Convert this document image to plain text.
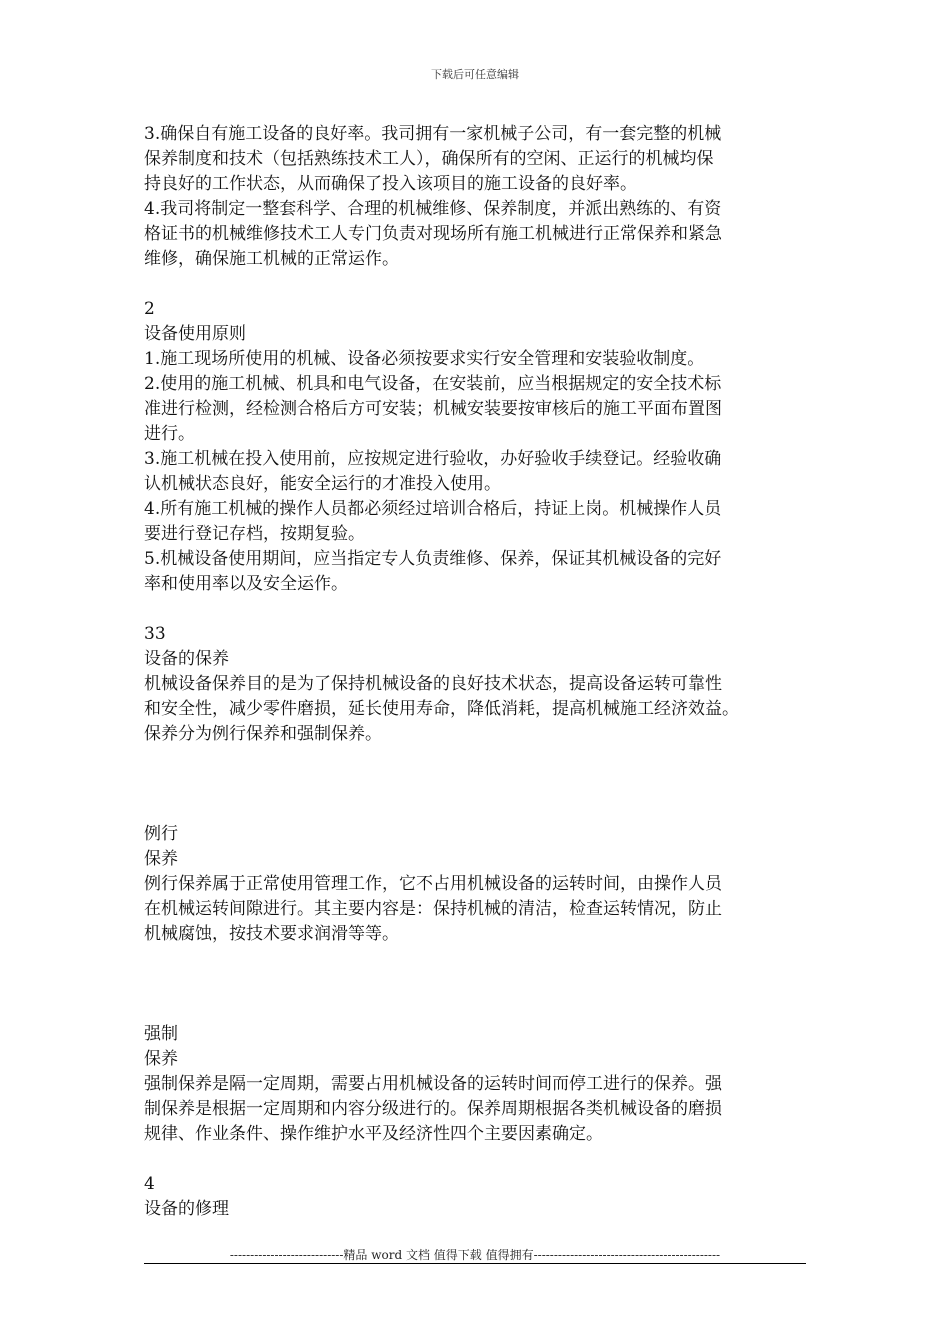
下载后可任意编辑

3.确保自有施工设备的良好率。我司拥有一家机械子公司，有一套完整的机械

保养制度和技术（包括熟练技术工人），确保所有的空闲、正运行的机械均保

持良好的工作状态，从而确保了投入该项目的施工设备的良好率。

4.我司将制定一整套科学、合理的机械维修、保养制度，并派出熟练的、有资

格证书的机械维修技术工人专门负责对现场所有施工机械进行正常保养和紧急

维修，确保施工机械的正常运作。

2

设备使用原则

1.施工现场所使用的机械、设备必须按要求实行安全管理和安装验收制度。

2.使用的施工机械、机具和电气设备，在安装前，应当根据规定的安全技术标

准进行检测，经检测合格后方可安装；机械安装要按审核后的施工平面布置图

进行。

3.施工机械在投入使用前，应按规定进行验收，办好验收手续登记。经验收确

认机械状态良好，能安全运行的才准投入使用。

4.所有施工机械的操作人员都必须经过培训合格后，持证上岗。机械操作人员

要进行登记存档，按期复验。

5.机械设备使用期间，应当指定专人负责维修、保养，保证其机械设备的完好

率和使用率以及安全运作。

33

设备的保养

机械设备保养目的是为了保持机械设备的良好技术状态，提高设备运转可靠性

和安全性，减少零件磨损，延长使用寿命，降低消耗，提高机械施工经济效益。

保养分为例行保养和强制保养。

例行

保养

例行保养属于正常使用管理工作，它不占用机械设备的运转时间，由操作人员

在机械运转间隙进行。其主要内容是：保持机械的清洁，检查运转情况，防止

机械腐蚀，按技术要求润滑等等。

强制

保养

强制保养是隔一定周期，需要占用机械设备的运转时间而停工进行的保养。强

制保养是根据一定周期和内容分级进行的。保养周期根据各类机械设备的磨损

规律、作业条件、操作维护水平及经济性四个主要因素确定。

4

设备的修理

----------------------------精品 word 文档 值得下载 值得拥有----------------------------------------------
